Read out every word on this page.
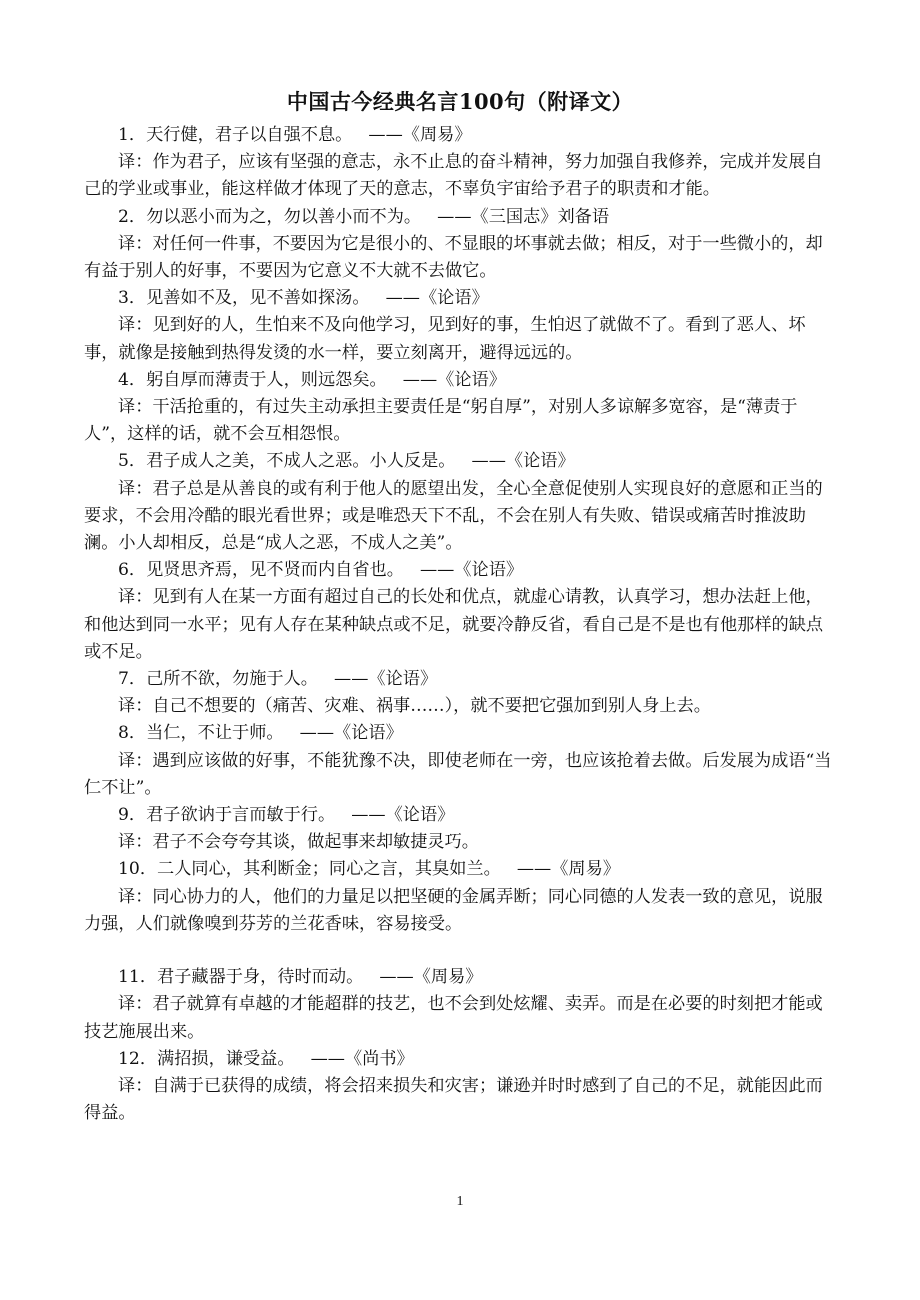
中国古今经典名言100句（附译文）

1．天行健，君子以自强不息。 ——《周易》

译：作为君子，应该有坚强的意志，永不止息的奋斗精神，努力加强自我修养，完成并发展自己的学业或事业，能这样做才体现了天的意志，不辜负宇宙给予君子的职责和才能。

2．勿以恶小而为之，勿以善小而不为。 ——《三国志》刘备语

译：对任何一件事，不要因为它是很小的、不显眼的坏事就去做；相反，对于一些微小的，却有益于别人的好事，不要因为它意义不大就不去做它。

3．见善如不及，见不善如探汤。 ——《论语》

译：见到好的人，生怕来不及向他学习，见到好的事，生怕迟了就做不了。看到了恶人、坏事，就像是接触到热得发烫的水一样，要立刻离开，避得远远的。

4．躬自厚而薄责于人，则远怨矣。 ——《论语》

译：干活抢重的，有过失主动承担主要责任是“躬自厚”，对别人多谅解多宽容，是“薄责于人”，这样的话，就不会互相怨恨。

5．君子成人之美，不成人之恶。小人反是。 ——《论语》

译：君子总是从善良的或有利于他人的愿望出发，全心全意促使别人实现良好的意愿和正当的要求，不会用冷酷的眼光看世界；或是唯恐天下不乱，不会在别人有失败、错误或痛苦时推波助澜。小人却相反，总是“成人之恶，不成人之美”。

6．见贤思齐焉，见不贤而内自省也。 ——《论语》

译：见到有人在某一方面有超过自己的长处和优点，就虚心请教，认真学习，想办法赶上他，和他达到同一水平；见有人存在某种缺点或不足，就要冷静反省，看自己是不是也有他那样的缺点或不足。

7．己所不欲，勿施于人。 ——《论语》

译：自己不想要的（痛苦、灾难、祸事……），就不要把它强加到别人身上去。

8．当仁，不让于师。 ——《论语》

译：遇到应该做的好事，不能犹豫不决，即使老师在一旁，也应该抢着去做。后发展为成语“当仁不让”。

9．君子欲讷于言而敏于行。 ——《论语》

译：君子不会夸夸其谈，做起事来却敏捷灵巧。

10．二人同心，其利断金；同心之言，其臭如兰。 ——《周易》

译：同心协力的人，他们的力量足以把坚硬的金属弄断；同心同德的人发表一致的意见，说服力强，人们就像嗅到芬芳的兰花香味，容易接受。

11．君子藏器于身，待时而动。 ——《周易》

译：君子就算有卓越的才能超群的技艺，也不会到处炫耀、卖弄。而是在必要的时刻把才能或技艺施展出来。

12．满招损，谦受益。 ——《尚书》

译：自满于已获得的成绩，将会招来损失和灾害；谦逊并时时感到了自己的不足，就能因此而得益。

1
